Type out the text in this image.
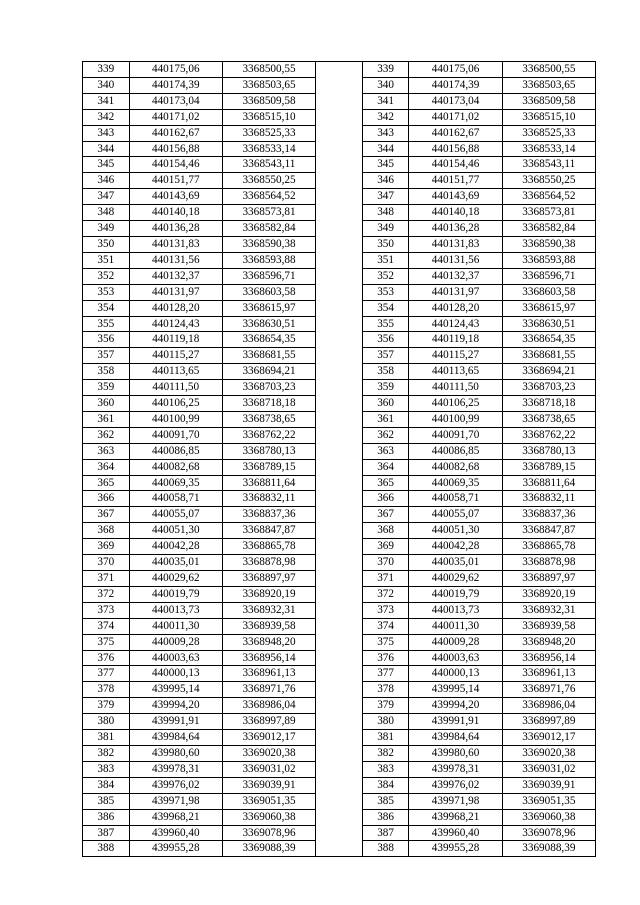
339	440175,06	3368500,55		339	440175,06	3368500,55
340	440174,39	3368503,65		340	440174,39	3368503,65
341	440173,04	3368509,58		341	440173,04	3368509,58
342	440171,02	3368515,10		342	440171,02	3368515,10
343	440162,67	3368525,33		343	440162,67	3368525,33
344	440156,88	3368533,14		344	440156,88	3368533,14
345	440154,46	3368543,11		345	440154,46	3368543,11
346	440151,77	3368550,25		346	440151,77	3368550,25
347	440143,69	3368564,52		347	440143,69	3368564,52
348	440140,18	3368573,81		348	440140,18	3368573,81
349	440136,28	3368582,84		349	440136,28	3368582,84
350	440131,83	3368590,38		350	440131,83	3368590,38
351	440131,56	3368593,88		351	440131,56	3368593,88
352	440132,37	3368596,71		352	440132,37	3368596,71
353	440131,97	3368603,58		353	440131,97	3368603,58
354	440128,20	3368615,97		354	440128,20	3368615,97
355	440124,43	3368630,51		355	440124,43	3368630,51
356	440119,18	3368654,35		356	440119,18	3368654,35
357	440115,27	3368681,55		357	440115,27	3368681,55
358	440113,65	3368694,21		358	440113,65	3368694,21
359	440111,50	3368703,23		359	440111,50	3368703,23
360	440106,25	3368718,18		360	440106,25	3368718,18
361	440100,99	3368738,65		361	440100,99	3368738,65
362	440091,70	3368762,22		362	440091,70	3368762,22
363	440086,85	3368780,13		363	440086,85	3368780,13
364	440082,68	3368789,15		364	440082,68	3368789,15
365	440069,35	3368811,64		365	440069,35	3368811,64
366	440058,71	3368832,11		366	440058,71	3368832,11
367	440055,07	3368837,36		367	440055,07	3368837,36
368	440051,30	3368847,87		368	440051,30	3368847,87
369	440042,28	3368865,78		369	440042,28	3368865,78
370	440035,01	3368878,98		370	440035,01	3368878,98
371	440029,62	3368897,97		371	440029,62	3368897,97
372	440019,79	3368920,19		372	440019,79	3368920,19
373	440013,73	3368932,31		373	440013,73	3368932,31
374	440011,30	3368939,58		374	440011,30	3368939,58
375	440009,28	3368948,20		375	440009,28	3368948,20
376	440003,63	3368956,14		376	440003,63	3368956,14
377	440000,13	3368961,13		377	440000,13	3368961,13
378	439995,14	3368971,76		378	439995,14	3368971,76
379	439994,20	3368986,04		379	439994,20	3368986,04
380	439991,91	3368997,89		380	439991,91	3368997,89
381	439984,64	3369012,17		381	439984,64	3369012,17
382	439980,60	3369020,38		382	439980,60	3369020,38
383	439978,31	3369031,02		383	439978,31	3369031,02
384	439976,02	3369039,91		384	439976,02	3369039,91
385	439971,98	3369051,35		385	439971,98	3369051,35
386	439968,21	3369060,38		386	439968,21	3369060,38
387	439960,40	3369078,96		387	439960,40	3369078,96
388	439955,28	3369088,39		388	439955,28	3369088,39
